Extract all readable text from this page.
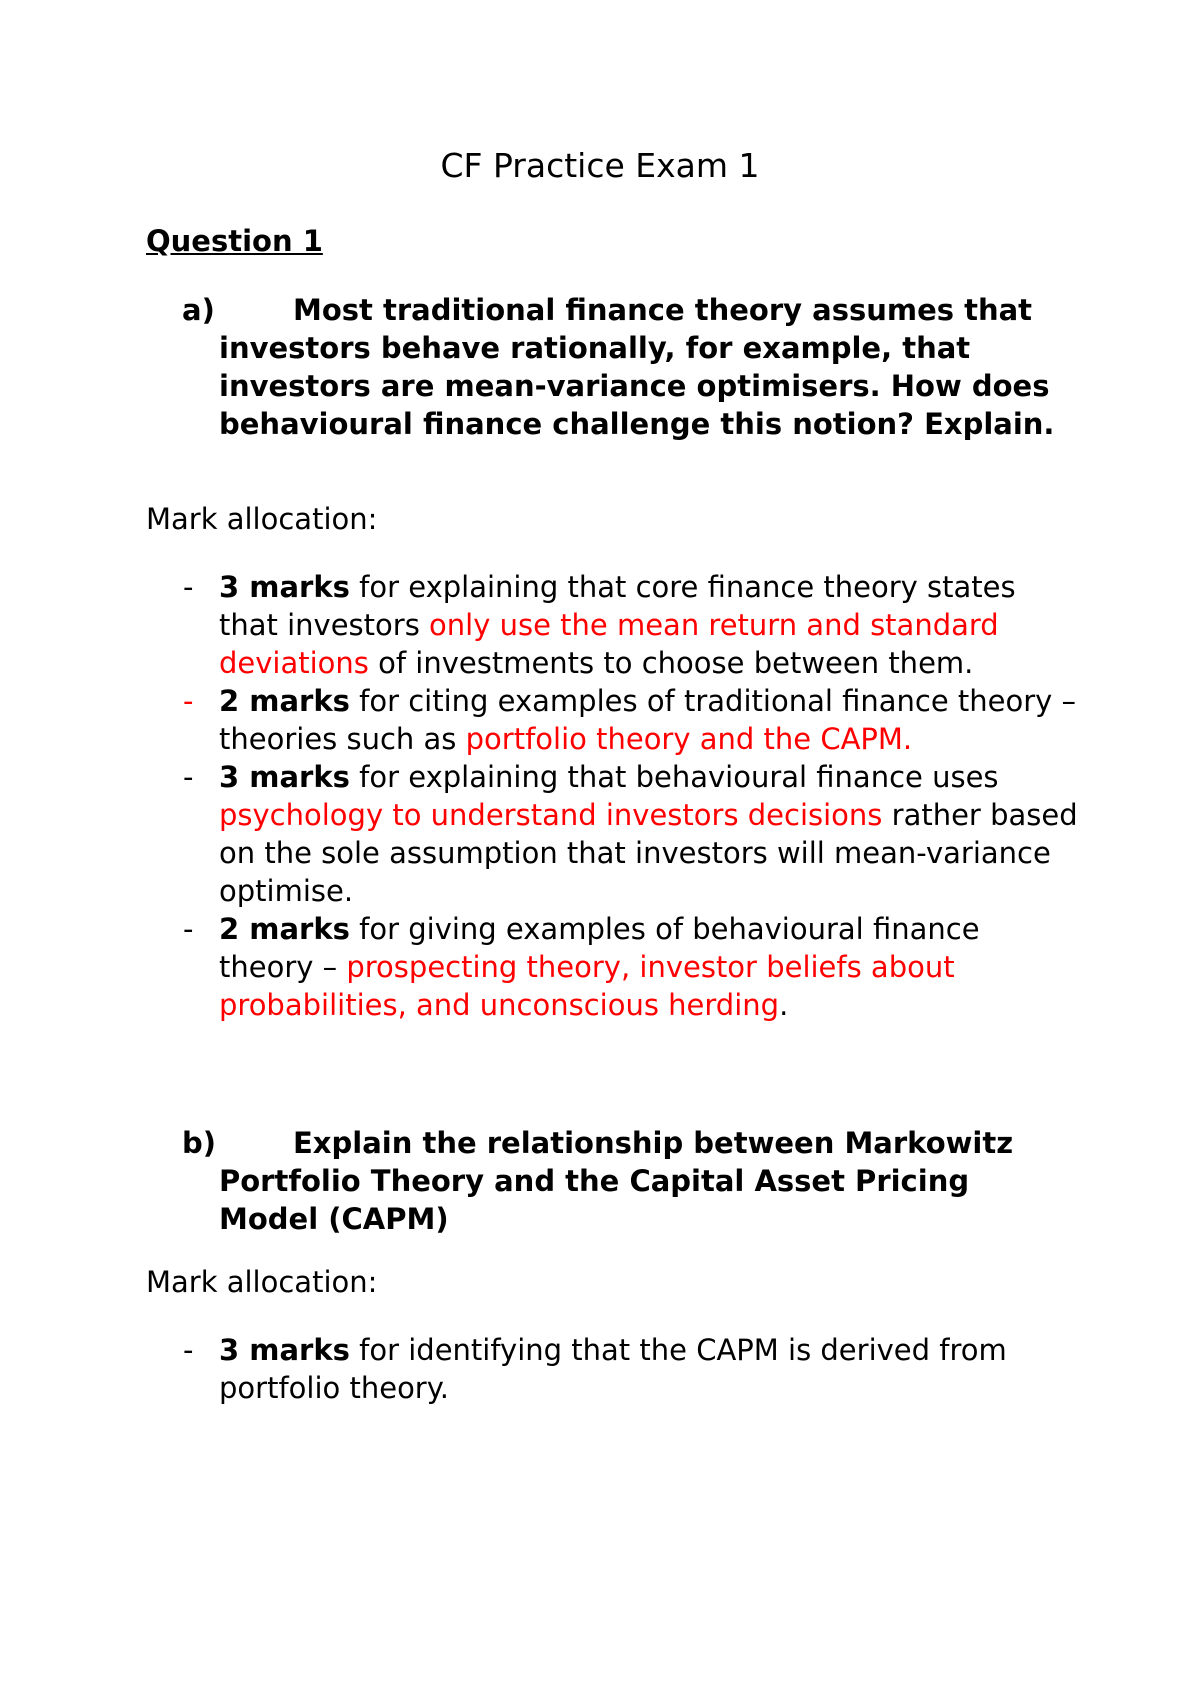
CF Practice Exam 1
Question 1
a)	Most traditional finance theory assumes that investors behave rationally, for example, that investors are mean-variance optimisers. How does behavioural finance challenge this notion? Explain.

Mark allocation:

- 3 marks for explaining that core finance theory states that investors only use the mean return and standard deviations of investments to choose between them.
- 2 marks for citing examples of traditional finance theory – theories such as portfolio theory and the CAPM.
- 3 marks for explaining that behavioural finance uses psychology to understand investors decisions rather based on the sole assumption that investors will mean-variance optimise.
- 2 marks for giving examples of behavioural finance theory – prospecting theory, investor beliefs about probabilities, and unconscious herding.
b)	Explain the relationship between Markowitz Portfolio Theory and the Capital Asset Pricing Model (CAPM)

Mark allocation:

- 3 marks for identifying that the CAPM is derived from portfolio theory.
